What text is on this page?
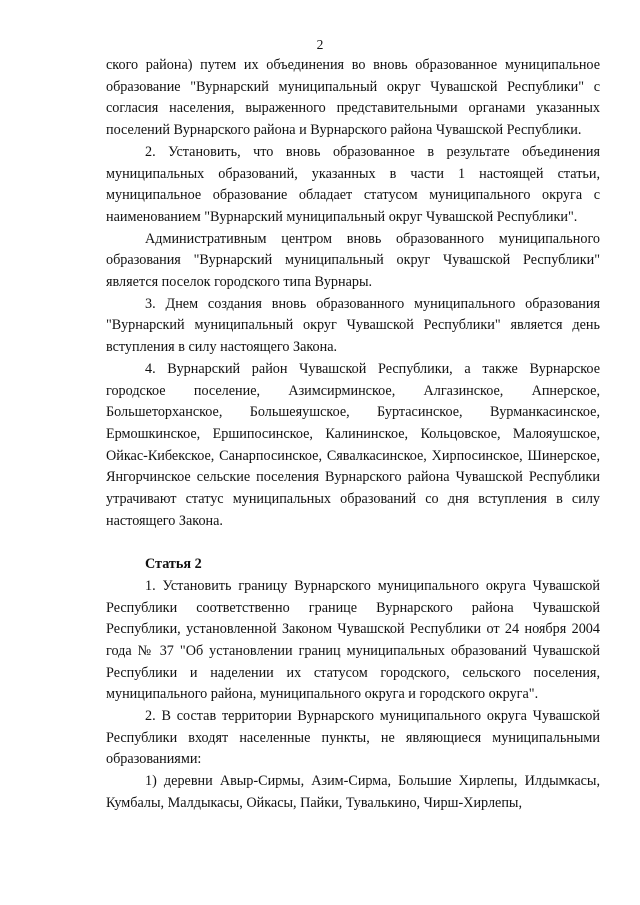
2

ского района) путем их объединения во вновь образованное муниципальное образование "Вурнарский муниципальный округ Чувашской Республики" с согласия населения, выраженного представительными органами указанных поселений Вурнарского района и Вурнарского района Чувашской Республики.

2. Установить, что вновь образованное в результате объединения муниципальных образований, указанных в части 1 настоящей статьи, муниципальное образование обладает статусом муниципального округа с наименованием "Вурнарский муниципальный округ Чувашской Республики".

Административным центром вновь образованного муниципального образования "Вурнарский муниципальный округ Чувашской Республики" является поселок городского типа Вурнары.

3. Днем создания вновь образованного муниципального образования "Вурнарский муниципальный округ Чувашской Республики" является день вступления в силу настоящего Закона.

4. Вурнарский район Чувашской Республики, а также Вурнарское городское поселение, Азимсирминское, Алгазинское, Апнерское, Большеторханское, Большеяушское, Буртасинское, Вурманкасинское, Ермошкинское, Ершипосинское, Калининское, Кольцовское, Малояушское, Ойкас-Кибекское, Санарпосинское, Сявалкасинское, Хирпосинское, Шинерское, Янгорчинское сельские поселения Вурнарского района Чувашской Республики утрачивают статус муниципальных образований со дня вступления в силу настоящего Закона.

Статья 2

1. Установить границу Вурнарского муниципального округа Чувашской Республики соответственно границе Вурнарского района Чувашской Республики, установленной Законом Чувашской Республики от 24 ноября 2004 года № 37 "Об установлении границ муниципальных образований Чувашской Республики и наделении их статусом городского, сельского поселения, муниципального района, муниципального округа и городского округа".

2. В состав территории Вурнарского муниципального округа Чувашской Республики входят населенные пункты, не являющиеся муниципальными образованиями:

1) деревни Авыр-Сирмы, Азим-Сирма, Большие Хирлепы, Илдымкасы, Кумбалы, Малдыкасы, Ойкасы, Пайки, Тувалькино, Чирш-Хирлепы,
